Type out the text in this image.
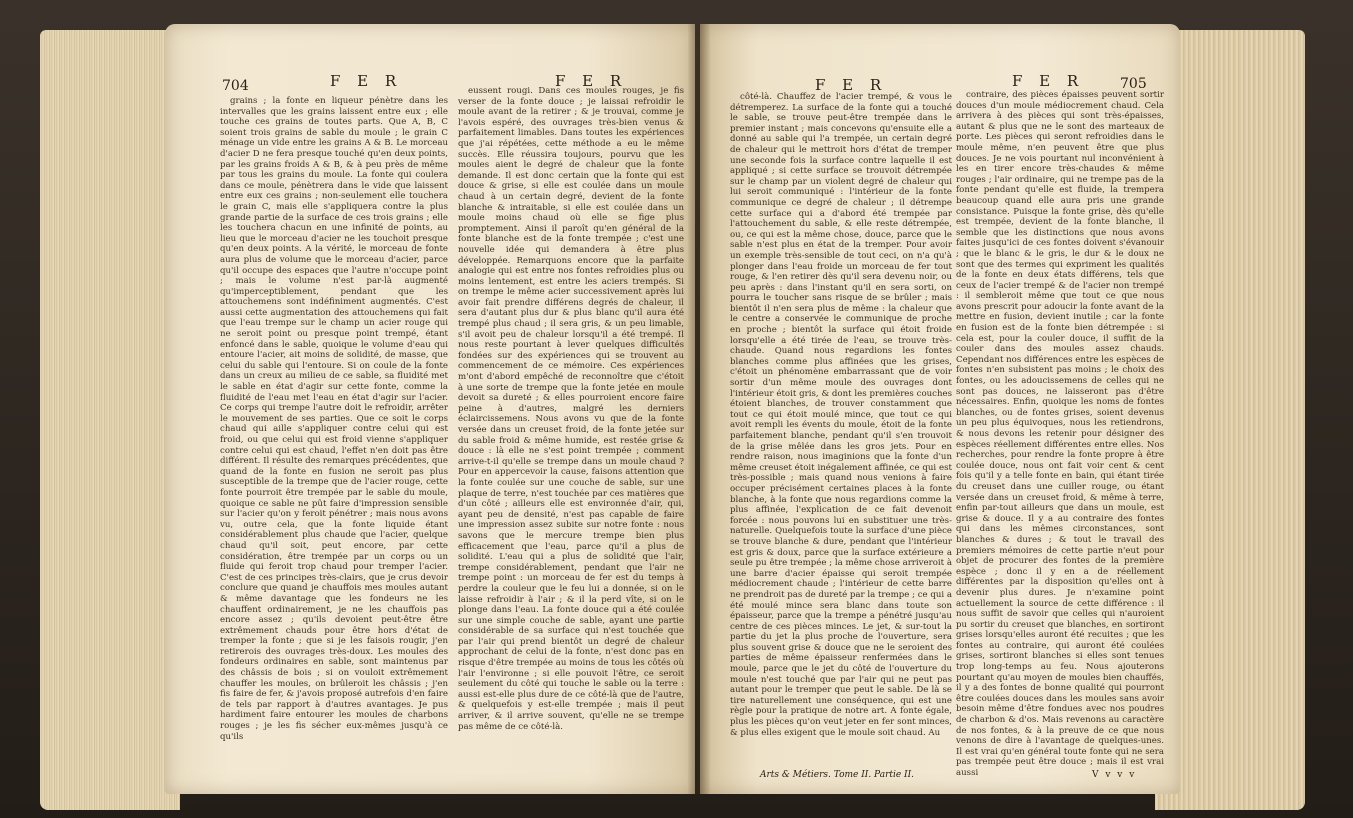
704	F E R	F E R

grains ; la fonte en liqueur pénètre dans les intervalles que les grains laissent entre eux ; elle touche ces grains de toutes parts. Que A, B, C soient trois grains de sable du moule ; le grain C ménage un vide entre les grains A & B. Le morceau d'acier D ne fera presque touché qu'en deux points, par les grains froids A & B, & à peu près de même par tous les grains du moule. La fonte qui coulera dans ce moule, pénètrera dans le vide que laissent entre eux ces grains ; non-seulement elle touchera le grain C, mais elle s'appliquera contre la plus grande partie de la surface de ces trois grains ; elle les touchera chacun en une infinité de points, au lieu que le morceau d'acier ne les touchoit presque qu'en deux points. A la vérité, le morceau de fonte aura plus de volume que le morceau d'acier, parce qu'il occupe des espaces que l'autre n'occupe point ; mais le volume n'est par-là augmenté qu'imperceptiblement, pendant que les attouchemens sont indéfiniment augmentés. C'est aussi cette augmentation des attouchemens qui fait que l'eau trempe sur le champ un acier rouge qui ne seroit point ou presque point trempé, étant enfoncé dans le sable, quoique le volume d'eau qui entoure l'acier, ait moins de solidité, de masse, que celui du sable qui l'entoure. Si on coule de la fonte dans un creux au milieu de ce sable, sa fluidité met le sable en état d'agir sur cette fonte, comme la fluidité de l'eau met l'eau en état d'agir sur l'acier. Ce corps qui trempe l'autre doit le refroidir, arrêter le mouvement de ses parties. Que ce soit le corps chaud qui aille s'appliquer contre celui qui est froid, ou que celui qui est froid vienne s'appliquer contre celui qui est chaud, l'effet n'en doit pas être différent. Il résulte des remarques précédentes, que quand de la fonte en fusion ne seroit pas plus susceptible de la trempe que de l'acier rouge, cette fonte pourroit être trempée par le sable du moule, quoique ce sable ne pût faire d'impression sensible sur l'acier qu'on y feroit pénétrer ; mais nous avons vu, outre cela, que la fonte liquide étant considérablement plus chaude que l'acier, quelque chaud qu'il soit, peut encore, par cette considération, être trempée par un corps ou un fluide qui feroit trop chaud pour tremper l'acier. C'est de ces principes très-clairs, que je crus devoir conclure que quand je chauffois mes moules autant & même davantage que les fondeurs ne les chauffent ordinairement, je ne les chauffois pas encore assez ; qu'ils devoient peut-être être extrêmement chauds pour être hors d'état de tremper la fonte ; que si je les faisois rougir, j'en retirerois des ouvrages très-doux. Les moules des fondeurs ordinaires en sable, sont maintenus par des châssis de bois ; si on vouloit extrêmement chauffer les moules, on brûleroit les châssis ; j'en fis faire de fer, & j'avois proposé autrefois d'en faire de tels par rapport à d'autres avantages. Je pus hardiment faire entourer les moules de charbons rouges ; je les fis sécher eux-mêmes jusqu'à ce qu'ils

eussent rougi. Dans ces moules rouges, je fis verser de la fonte douce ; je laissai refroidir le moule avant de la retirer ; & je trouvai, comme je l'avois espéré, des ouvrages très-bien venus & parfaitement limables. Dans toutes les expériences que j'ai répétées, cette méthode a eu le même succès. Elle réussira toujours, pourvu que les moules aient le degré de chaleur que la fonte demande. Il est donc certain que la fonte qui est douce & grise, si elle est coulée dans un moule chaud à un certain degré, devient de la fonte blanche & intraitable, si elle est coulée dans un moule moins chaud où elle se fige plus promptement. Ainsi il paroît qu'en général de la fonte blanche est de la fonte trempée ; c'est une nouvelle idée qui demandera à être plus développée. Remarquons encore que la parfaite analogie qui est entre nos fontes refroidies plus ou moins lentement, est entre les aciers trempés. Si on trempe le même acier successivement après lui avoir fait prendre différens degrés de chaleur, il sera d'autant plus dur & plus blanc qu'il aura été trempé plus chaud ; il sera gris, & un peu limable, s'il avoit peu de chaleur lorsqu'il a été trempé. Il nous reste pourtant à lever quelques difficultés fondées sur des expériences qui se trouvent au commencement de ce mémoire. Ces expériences m'ont d'abord empêché de reconnoître que c'étoit à une sorte de trempe que la fonte jetée en moule devoit sa dureté ; & elles pourroient encore faire peine à d'autres, malgré les derniers éclaircissemens. Nous avons vu que de la fonte versée dans un creuset froid, de la fonte jetée sur du sable froid & même humide, est restée grise & douce : là elle ne s'est point trempée ; comment arrive-t-il qu'elle se trempe dans un moule chaud ? Pour en appercevoir la cause, faisons attention que la fonte coulée sur une couche de sable, sur une plaque de terre, n'est touchée par ces matières que d'un côté ; ailleurs elle est environnée d'air, qui, ayant peu de densité, n'est pas capable de faire une impression assez subite sur notre fonte : nous savons que le mercure trempe bien plus efficacement que l'eau, parce qu'il a plus de solidité. L'eau qui a plus de solidité que l'air, trempe considérablement, pendant que l'air ne trempe point : un morceau de fer est du temps à perdre la couleur que le feu lui a donnée, si on le laisse refroidir à l'air ; & il la perd vîte, si on le plonge dans l'eau. La fonte douce qui a été coulée sur une simple couche de sable, ayant une partie considérable de sa surface qui n'est touchée que par l'air qui prend bientôt un degré de chaleur approchant de celui de la fonte, n'est donc pas en risque d'être trempée au moins de tous les côtés où l'air l'environne ; si elle pouvoit l'être, ce seroit seulement du côté qui touche le sable ou la terre : aussi est-elle plus dure de ce côté-là que de l'autre, & quelquefois y est-elle trempée ; mais il peut arriver, & il arrive souvent, qu'elle ne se trempe pas même de ce côté-là.

F E R	F E R	705

côté-là. Chauffez de l'acier trempé, & vous le détremperez. La surface de la fonte qui a touché le sable, se trouve peut-être trempée dans le premier instant ; mais concevons qu'ensuite elle a donné au sable qui l'a trempée, un certain degré de chaleur qui le mettroit hors d'état de tremper une seconde fois la surface contre laquelle il est appliqué ; si cette surface se trouvoit détrempée sur le champ par un violent degré de chaleur qui lui seroit communiqué : l'intérieur de la fonte communique ce degré de chaleur ; il détrempe cette surface qui a d'abord été trempée par l'attouchement du sable, & elle reste détrempée, ou, ce qui est la même chose, douce, parce que le sable n'est plus en état de la tremper. Pour avoir un exemple très-sensible de tout ceci, on n'a qu'à plonger dans l'eau froide un morceau de fer tout rouge, & l'en retirer dès qu'il sera devenu noir, ou peu après : dans l'instant qu'il en sera sorti, on pourra le toucher sans risque de se brûler ; mais bientôt il n'en sera plus de même : la chaleur que le centre a conservée le communique de proche en proche ; bientôt la surface qui étoit froide lorsqu'elle a été tirée de l'eau, se trouve très-chaude. Quand nous regardions les fontes blanches comme plus affinées que les grises, c'étoit un phénomène embarrassant que de voir sortir d'un même moule des ouvrages dont l'intérieur étoit gris, & dont les premières couches étoient blanches, de trouver constamment que tout ce qui étoit moulé mince, que tout ce qui avoit rempli les évents du moule, étoit de la fonte parfaitement blanche, pendant qu'il s'en trouvoit de la grise mêlée dans les gros jets. Pour en rendre raison, nous imaginions que la fonte d'un même creuset étoit inégalement affinée, ce qui est très-possible ; mais quand nous venions à faire occuper précisément certaines places à la fonte blanche, à la fonte que nous regardions comme la plus affinée, l'explication de ce fait devenoit forcée : nous pouvons lui en substituer une très-naturelle. Quelquefois toute la surface d'une pièce se trouve blanche & dure, pendant que l'intérieur est gris & doux, parce que la surface extérieure a seule pu être trempée ; la même chose arriveroit à une barre d'acier épaisse qui seroit trempée médiocrement chaude ; l'intérieur de cette barre ne prendroit pas de dureté par la trempe ; ce qui a été moulé mince sera blanc dans toute son épaisseur, parce que la trempe a pénétré jusqu'au centre de ces pièces minces. Le jet, & sur-tout la partie du jet la plus proche de l'ouverture, sera plus souvent grise & douce que ne le seroient des parties de même épaisseur renfermées dans le moule, parce que le jet du côté de l'ouverture du moule n'est touché que par l'air qui ne peut pas autant pour le tremper que peut le sable. De là se tire naturellement une conséquence, qui est une règle pour la pratique de notre art. A fonte égale, plus les pièces qu'on veut jeter en fer sont minces, & plus elles exigent que le moule soit chaud. Au

contraire, des pièces épaisses peuvent sortir douces d'un moule médiocrement chaud. Cela arrivera à des pièces qui sont très-épaisses, autant & plus que ne le sont des marteaux de porte. Les pièces qui seront refroidies dans le moule même, n'en peuvent être que plus douces. Je ne vois pourtant nul inconvénient à les en tirer encore très-chaudes & même rouges ; l'air ordinaire, qui ne trempe pas de la fonte pendant qu'elle est fluide, la trempera beaucoup quand elle aura pris une grande consistance. Puisque la fonte grise, dès qu'elle est trempée, devient de la fonte blanche, il semble que les distinctions que nous avons faites jusqu'ici de ces fontes doivent s'évanouir ; que le blanc & le gris, le dur & le doux ne sont que des termes qui expriment les qualités de la fonte en deux états différens, tels que ceux de l'acier trempé & de l'acier non trempé : il sembleroit même que tout ce que nous avons prescrit pour adoucir la fonte avant de la mettre en fusion, devient inutile ; car la fonte en fusion est de la fonte bien détrempée : si cela est, pour la couler douce, il suffit de la couler dans des moules assez chauds. Cependant nos différences entre les espèces de fontes n'en subsistent pas moins ; le choix des fontes, ou les adoucissemens de celles qui ne sont pas douces, ne laisseront pas d'être nécessaires. Enfin, quoique les noms de fontes blanches, ou de fontes grises, soient devenus un peu plus équivoques, nous les retiendrons, & nous devons les retenir pour désigner des espèces réellement différentes entre elles. Nos recherches, pour rendre la fonte propre à être coulée douce, nous ont fait voir cent & cent fois qu'il y a telle fonte en bain, qui étant tirée du creuset dans une cuiller rouge, ou étant versée dans un creuset froid, & même à terre, enfin par-tout ailleurs que dans un moule, est grise & douce. Il y a au contraire des fontes qui dans les mêmes circonstances, sont blanches & dures ; & tout le travail des premiers mémoires de cette partie n'eut pour objet de procurer des fontes de la première espèce ; donc il y en a de réellement différentes par la disposition qu'elles ont à devenir plus dures. Je n'examine point actuellement la source de cette différence : il nous suffit de savoir que celles qui n'auroient pu sortir du creuset que blanches, en sortiront grises lorsqu'elles auront été recuites ; que les fontes au contraire, qui auront été coulées grises, sortiront blanches si elles sont tenues trop long-temps au feu. Nous ajouterons pourtant qu'au moyen de moules bien chauffés, il y a des fontes de bonne qualité qui pourront être coulées douces dans les moules sans avoir besoin même d'être fondues avec nos poudres de charbon & d'os. Mais revenons au caractère de nos fontes, & à la preuve de ce que nous venons de dire à l'avantage de quelques-unes. Il est vrai qu'en général toute fonte qui ne sera pas trempée peut être douce ; mais il est vrai aussi

Arts & Métiers. Tome II. Partie II.	V v v v
